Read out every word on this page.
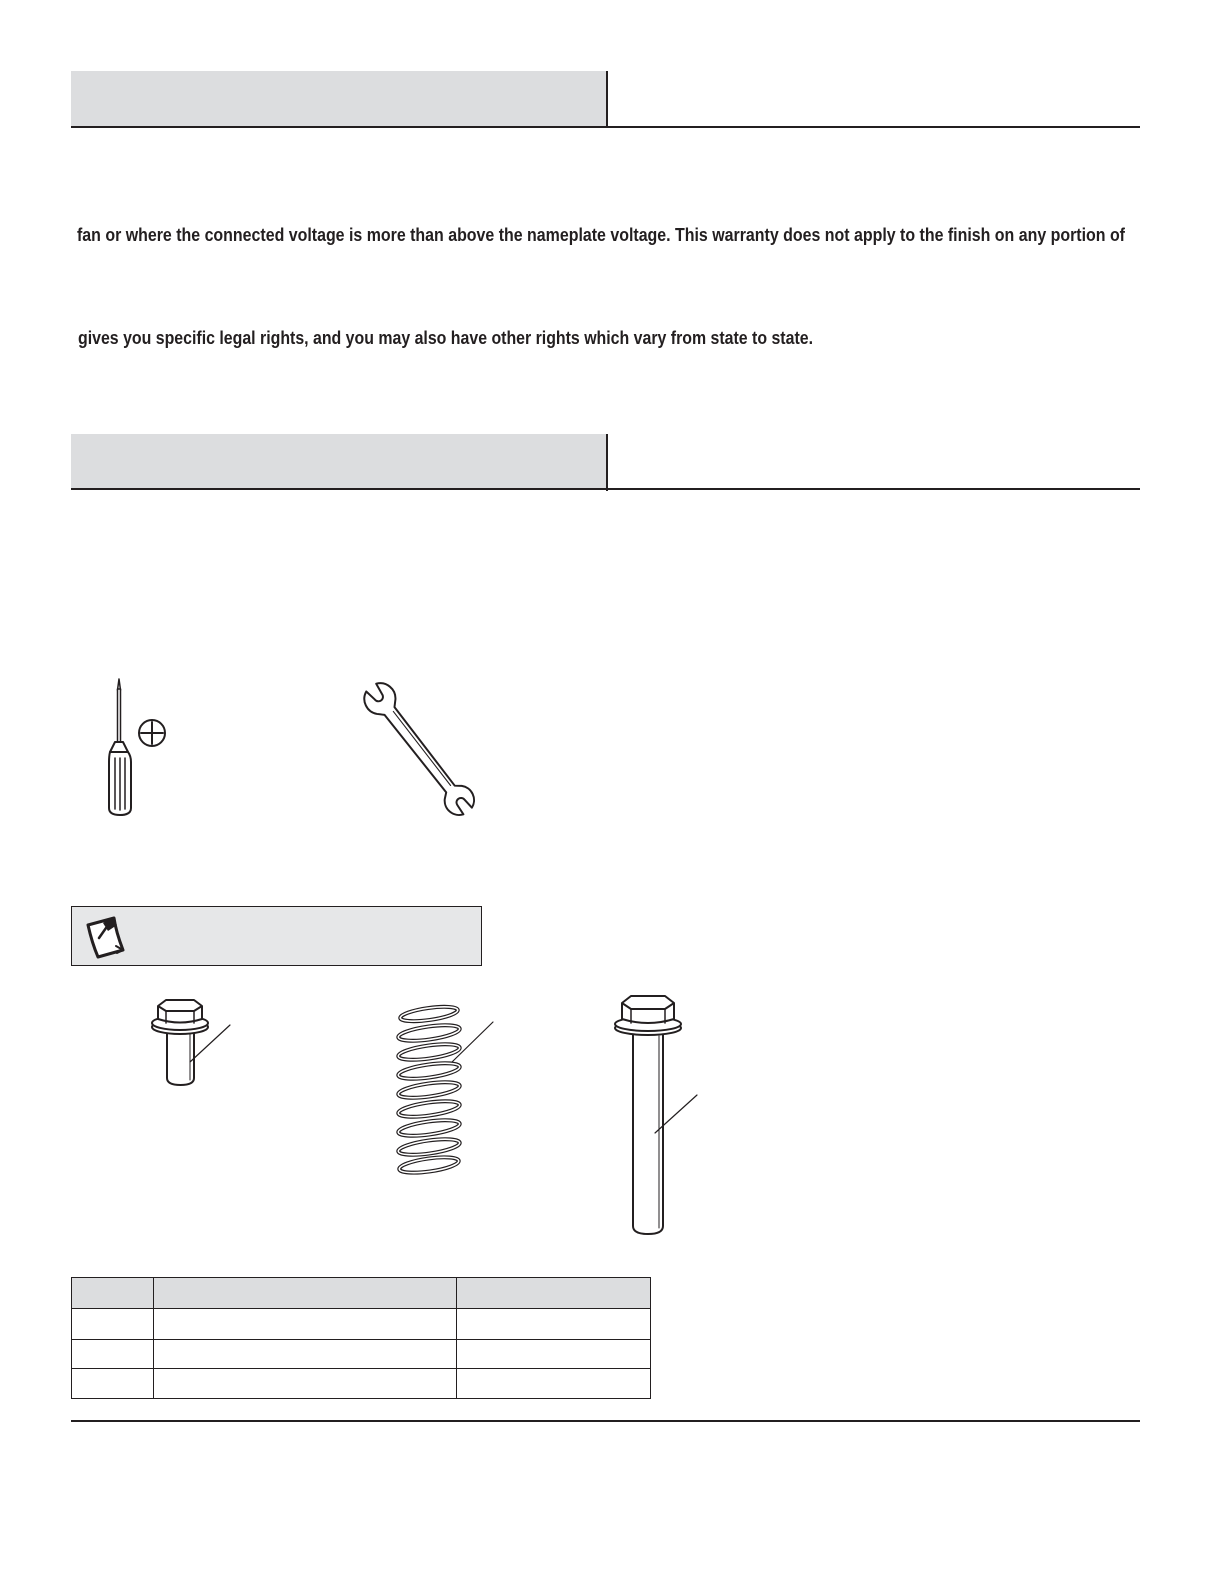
fan or where the connected voltage is more than above the nameplate voltage. This warranty does not apply to the finish on any portion of
gives you specific legal rights, and you may also have other rights which vary from state to state.
